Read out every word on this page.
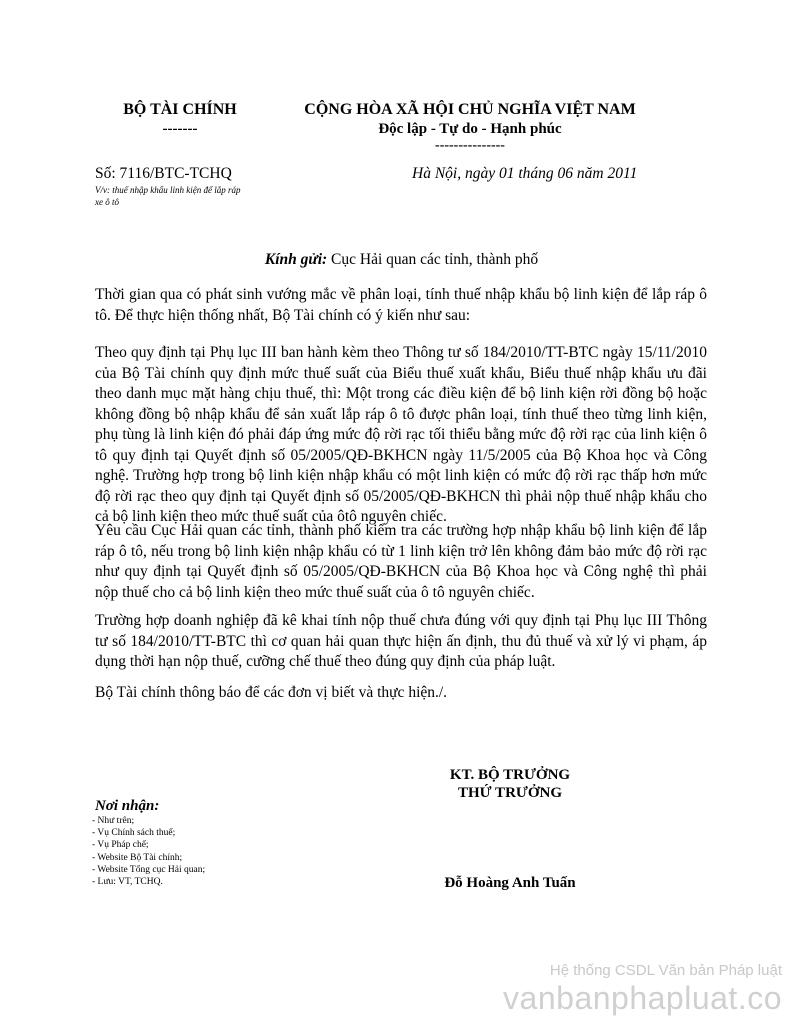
BỘ TÀI CHÍNH
-------
CỘNG HÒA XÃ HỘI CHỦ NGHĨA VIỆT NAM
Độc lập - Tự do - Hạnh phúc
---------------
Số: 7116/BTC-TCHQ
V/v: thuế nhập khẩu linh kiện để lắp ráp
xe ô tô
Hà Nội, ngày 01 tháng 06 năm 2011
Kính gửi: Cục Hải quan các tỉnh, thành phố

Thời gian qua có phát sinh vướng mắc về phân loại, tính thuế nhập khẩu bộ linh kiện để lắp ráp ô tô. Để thực hiện thống nhất, Bộ Tài chính có ý kiến như sau:

Theo quy định tại Phụ lục III ban hành kèm theo Thông tư số 184/2010/TT-BTC ngày 15/11/2010 của Bộ Tài chính quy định mức thuế suất của Biểu thuế xuất khẩu, Biểu thuế nhập khẩu ưu đãi theo danh mục mặt hàng chịu thuế, thì: Một trong các điều kiện để bộ linh kiện rời đồng bộ hoặc không đồng bộ nhập khẩu để sản xuất lắp ráp ô tô được phân loại, tính thuế theo từng linh kiện, phụ tùng là linh kiện đó phải đáp ứng mức độ rời rạc tối thiểu bằng mức độ rời rạc của linh kiện ô tô quy định tại Quyết định số 05/2005/QĐ-BKHCN ngày 11/5/2005 của Bộ Khoa học và Công nghệ. Trường hợp trong bộ linh kiện nhập khẩu có một linh kiện có mức độ rời rạc thấp hơn mức độ rời rạc theo quy định tại Quyết định số 05/2005/QĐ-BKHCN thì phải nộp thuế nhập khẩu cho cả bộ linh kiện theo mức thuế suất của ôtô nguyên chiếc.

Yêu cầu Cục Hải quan các tỉnh, thành phố kiểm tra các trường hợp nhập khẩu bộ linh kiện để lắp ráp ô tô, nếu trong bộ linh kiện nhập khẩu có từ 1 linh kiện trở lên không đảm bảo mức độ rời rạc như quy định tại Quyết định số 05/2005/QĐ-BKHCN của Bộ Khoa học và Công nghệ thì phải nộp thuế cho cả bộ linh kiện theo mức thuế suất của ô tô nguyên chiếc.

Trường hợp doanh nghiệp đã kê khai tính nộp thuế chưa đúng với quy định tại Phụ lục III Thông tư số 184/2010/TT-BTC thì cơ quan hải quan thực hiện ấn định, thu đủ thuế và xử lý vi phạm, áp dụng thời hạn nộp thuế, cưỡng chế thuế theo đúng quy định của pháp luật.

Bộ Tài chính thông báo để các đơn vị biết và thực hiện./.

KT. BỘ TRƯỞNG
THỨ TRƯỞNG
Đỗ Hoàng Anh Tuấn
Nơi nhận:
- Như trên;
- Vụ Chính sách thuế;
- Vụ Pháp chế;
- Website Bộ Tài chính;
- Website Tổng cục Hải quan;
- Lưu: VT, TCHQ.
Hệ thống CSDL Văn bản Pháp luật
vanbanphapluat.co
